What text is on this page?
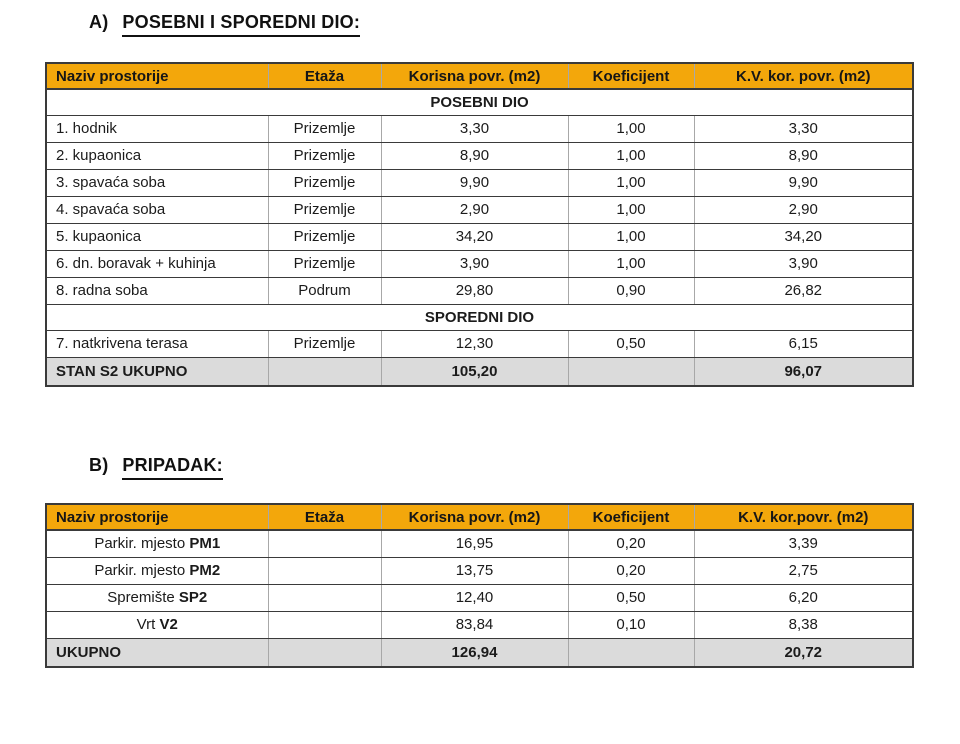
A) POSEBNI I SPOREDNI DIO:
Naziv prostorije	Etaža	Korisna povr. (m2)	Koeficijent	K.V. kor. povr. (m2)
POSEBNI DIO				
1. hodnik	Prizemlje	3,30	1,00	3,30
2. kupaonica	Prizemlje	8,90	1,00	8,90
3. spavaća soba	Prizemlje	9,90	1,00	9,90
4. spavaća soba	Prizemlje	2,90	1,00	2,90
5. kupaonica	Prizemlje	34,20	1,00	34,20
6. dn. boravak + kuhinja	Prizemlje	3,90	1,00	3,90
8. radna soba	Podrum	29,80	0,90	26,82
SPOREDNI DIO				
7. natkrivena terasa	Prizemlje	12,30	0,50	6,15
STAN S2 UKUPNO		105,20		96,07
B) PRIPADAK:
Naziv prostorije	Etaža	Korisna povr. (m2)	Koeficijent	K.V. kor.povr. (m2)
Parkir. mjesto PM1		16,95	0,20	3,39
Parkir. mjesto PM2		13,75	0,20	2,75
Spremište SP2		12,40	0,50	6,20
Vrt V2		83,84	0,10	8,38
UKUPNO		126,94		20,72
